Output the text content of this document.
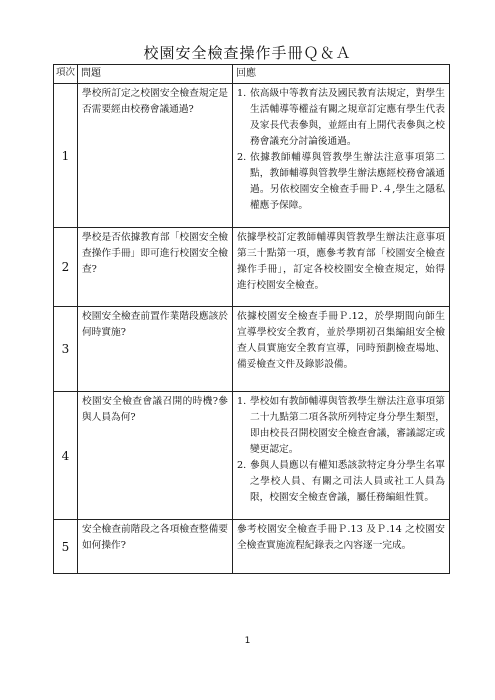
校園安全檢查操作手冊Ｑ＆Ａ
項次	問題	回應
1	學校所訂定之校園安全檢查規定是否需要經由校務會議通過?	1. 依高級中等教育法及國民教育法規定，對學生生活輔導等權益有關之規章訂定應有學生代表及家長代表參與，並經由有上開代表參與之校務會議充分討論後通過。
2. 依據教師輔導與管教學生辦法注意事項第二點，教師輔導與管教學生辦法應經校務會議通過。另依校園安全檢查手冊Ｐ.４,學生之隱私權應予保障。

2	學校是否依據教育部「校園安全檢查操作手冊」即可進行校園安全檢查?	依據學校訂定教師輔導與管教學生辦法注意事項第三十點第一項，應參考教育部「校園安全檢查操作手冊」，訂定各校校園安全檢查規定，始得進行校園安全檢查。
3	校園安全檢查前置作業階段應該於何時實施?	依據校園安全檢查手冊Ｐ.12，於學期間向師生宣導學校安全教育，並於學期初召集編組安全檢查人員實施安全教育宣導，同時預劃檢查場地、備妥檢查文件及錄影設備。
4	校園安全檢查會議召開的時機?參與人員為何?	1. 學校如有教師輔導與管教學生辦法注意事項第二十九點第二項各款所列特定身分學生類型，即由校長召開校園安全檢查會議，審議認定或變更認定。
2. 參與人員應以有權知悉該款特定身分學生名單之學校人員、有關之司法人員或社工人員為限，校園安全檢查會議，屬任務編組性質。

5	安全檢查前階段之各項檢查整備要如何操作?	參考校園安全檢查手冊Ｐ.13 及Ｐ.14 之校園安全檢查實施流程紀錄表之內容逐一完成。
1
